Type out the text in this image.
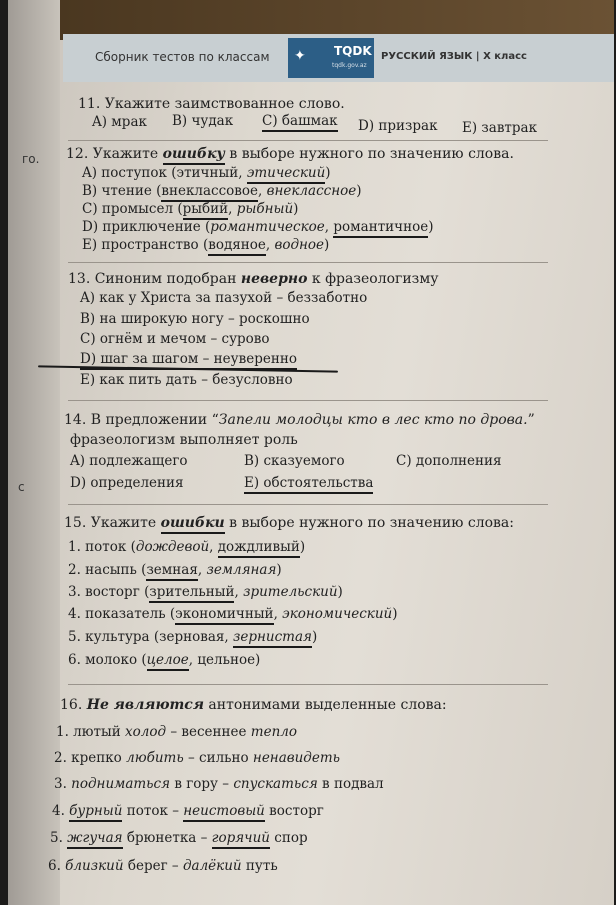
го.
с
Сборник тестов по классам ✦ TQDK
tqdk.gov.az
РУССКИЙ ЯЗЫК | X класс
11. Укажите заимствованное слово.
A) мрак B) чудак C) башмак D) призрак E) завтрак
12. Укажите ошибку в выборе нужного по значению слова.
A) поступок (этичный, этический)
B) чтение (внеклассовое, внеклассное)
C) промысел (рыбий, рыбный)
D) приключение (романтическое, романтичное)
E) пространство (водяное, водное)
13. Синоним подобран неверно к фразеологизму
A) как у Христа за пазухой – беззаботно
B) на широкую ногу – роскошно
C) огнём и мечом – сурово
D) шаг за шагом – неуверенно
E) как пить дать – безусловно
14. В предложении “Запели молодцы кто в лес кто по дрова.”
фразеологизм выполняет роль
A) подлежащего	B) сказуемого	C) дополнения
D) определения	E) обстоятельства
15. Укажите ошибки в выборе нужного по значению слова:
1. поток (дождевой, дождливый)
2. насыпь (земная, земляная)
3. восторг (зрительный, зрительский)
4. показатель (экономичный, экономический)
5. культура (зерновая, зернистая)
6. молоко (целое, цельное)
16. Не являются антонимами выделенные слова:
1. лютый холод – весеннее тепло
2. крепко любить – сильно ненавидеть
3. подниматься в гору – спускаться в подвал
4. бурный поток – неистовый восторг
5. жгучая брюнетка – горячий спор
6. близкий берег – далёкий путь
